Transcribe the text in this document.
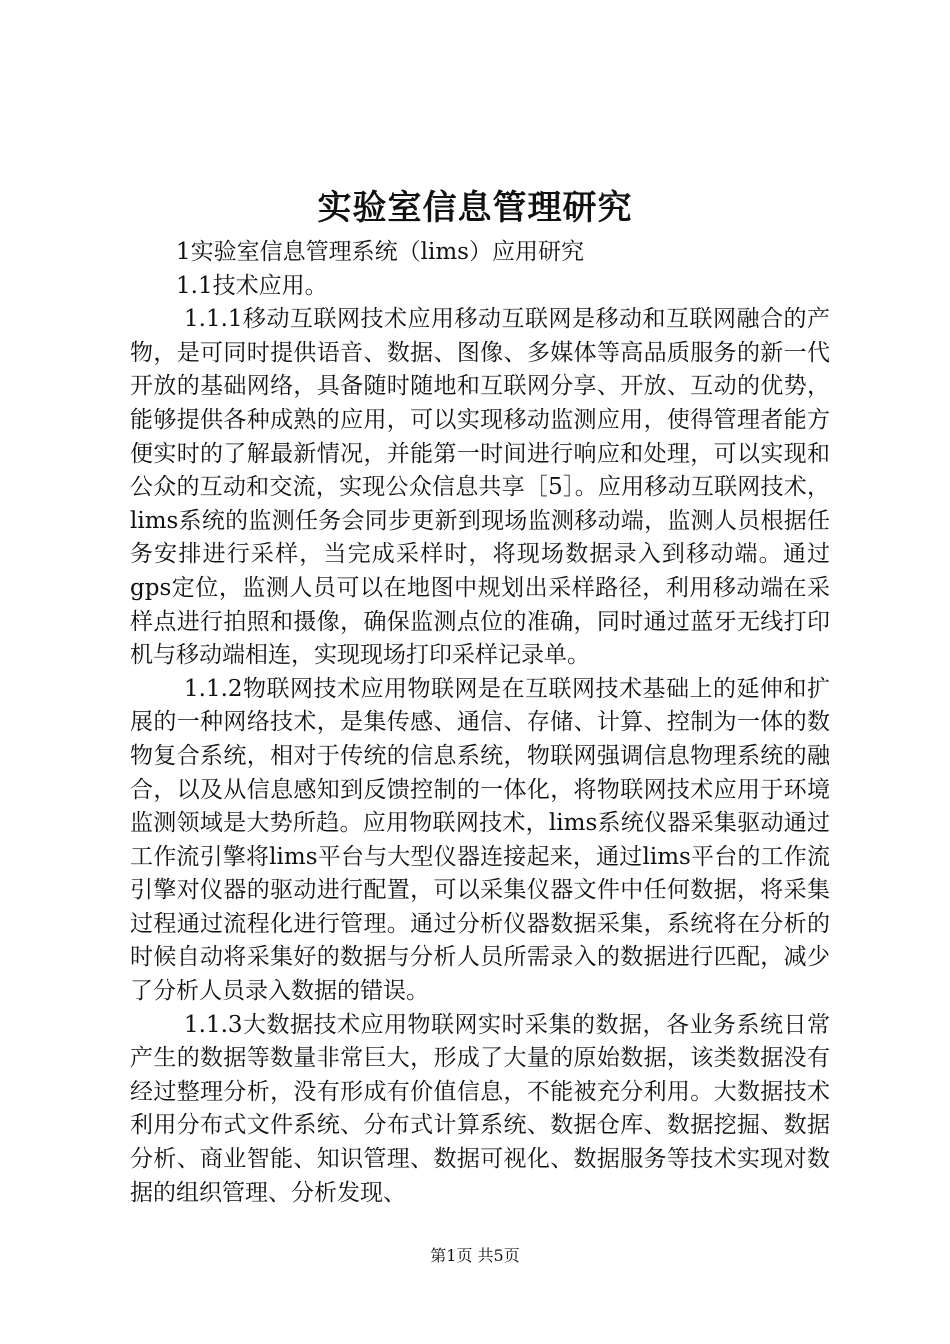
实验室信息管理研究

1实验室信息管理系统（lims）应用研究

1.1技术应用。

1.1.1移动互联网技术应用移动互联网是移动和互联网融合的产物，是可同时提供语音、数据、图像、多媒体等高品质服务的新一代开放的基础网络，具备随时随地和互联网分享、开放、互动的优势，能够提供各种成熟的应用，可以实现移动监测应用，使得管理者能方便实时的了解最新情况，并能第一时间进行响应和处理，可以实现和公众的互动和交流，实现公众信息共享［5］。应用移动互联网技术，lims系统的监测任务会同步更新到现场监测移动端，监测人员根据任务安排进行采样，当完成采样时，将现场数据录入到移动端。通过gps定位，监测人员可以在地图中规划出采样路径，利用移动端在采样点进行拍照和摄像，确保监测点位的准确，同时通过蓝牙无线打印机与移动端相连，实现现场打印采样记录单。

1.1.2物联网技术应用物联网是在互联网技术基础上的延伸和扩展的一种网络技术，是集传感、通信、存储、计算、控制为一体的数物复合系统，相对于传统的信息系统，物联网强调信息物理系统的融合，以及从信息感知到反馈控制的一体化，将物联网技术应用于环境监测领域是大势所趋。应用物联网技术，lims系统仪器采集驱动通过工作流引擎将lims平台与大型仪器连接起来，通过lims平台的工作流引擎对仪器的驱动进行配置，可以采集仪器文件中任何数据，将采集过程通过流程化进行管理。通过分析仪器数据采集，系统将在分析的时候自动将采集好的数据与分析人员所需录入的数据进行匹配，减少了分析人员录入数据的错误。

1.1.3大数据技术应用物联网实时采集的数据，各业务系统日常产生的数据等数量非常巨大，形成了大量的原始数据，该类数据没有经过整理分析，没有形成有价值信息，不能被充分利用。大数据技术利用分布式文件系统、分布式计算系统、数据仓库、数据挖掘、数据分析、商业智能、知识管理、数据可视化、数据服务等技术实现对数据的组织管理、分析发现、

第1页 共5页
